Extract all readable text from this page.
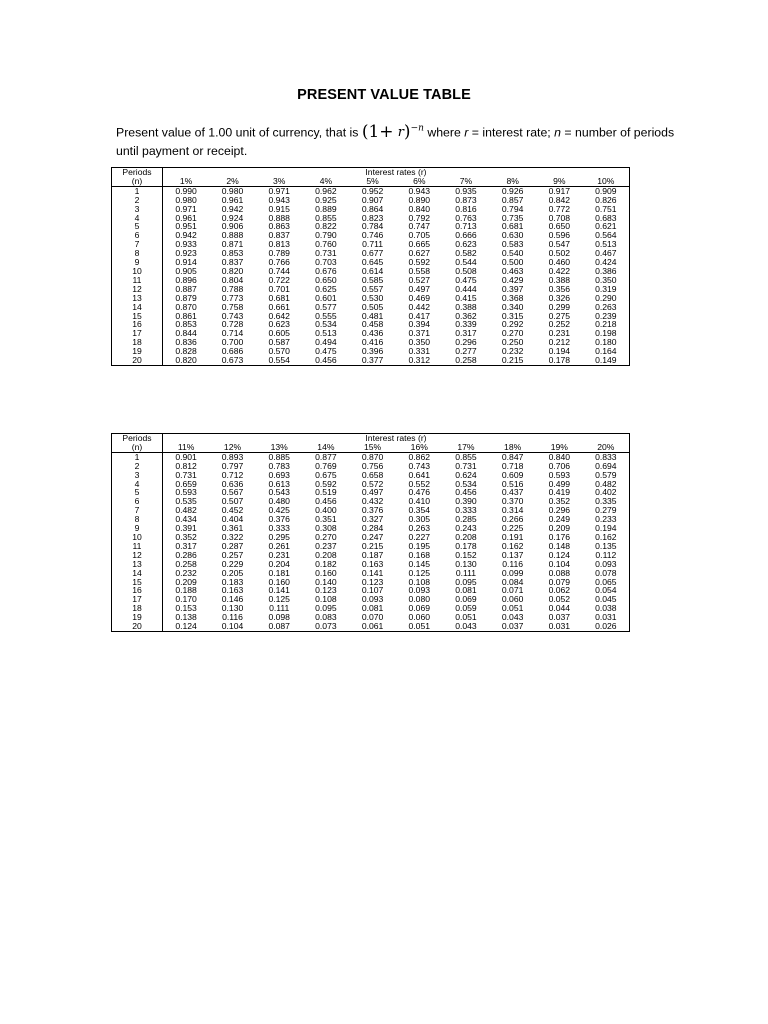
PRESENT VALUE TABLE
Present value of 1.00 unit of currency, that is $(1+ r)^{-n}$ where r = interest rate; n = number of periods until payment or receipt.
Periods	Interest rates (r)									
(n)	1%	2%	3%	4%	5%	6%	7%	8%	9%	10%
1	0.990	0.980	0.971	0.962	0.952	0.943	0.935	0.926	0.917	0.909
2	0.980	0.961	0.943	0.925	0.907	0.890	0.873	0.857	0.842	0.826
3	0.971	0.942	0.915	0.889	0.864	0.840	0.816	0.794	0.772	0.751
4	0.961	0.924	0.888	0.855	0.823	0.792	0.763	0.735	0.708	0.683
5	0.951	0.906	0.863	0.822	0.784	0.747	0.713	0.681	0.650	0.621
6	0.942	0.888	0.837	0.790	0.746	0.705	0.666	0.630	0.596	0.564
7	0.933	0.871	0.813	0.760	0.711	0.665	0.623	0.583	0.547	0.513
8	0.923	0.853	0.789	0.731	0.677	0.627	0.582	0.540	0.502	0.467
9	0.914	0.837	0.766	0.703	0.645	0.592	0.544	0.500	0.460	0.424
10	0.905	0.820	0.744	0.676	0.614	0.558	0.508	0.463	0.422	0.386
11	0.896	0.804	0.722	0.650	0.585	0.527	0.475	0.429	0.388	0.350
12	0.887	0.788	0.701	0.625	0.557	0.497	0.444	0.397	0.356	0.319
13	0.879	0.773	0.681	0.601	0.530	0.469	0.415	0.368	0.326	0.290
14	0.870	0.758	0.661	0.577	0.505	0.442	0.388	0.340	0.299	0.263
15	0.861	0.743	0.642	0.555	0.481	0.417	0.362	0.315	0.275	0.239
16	0.853	0.728	0.623	0.534	0.458	0.394	0.339	0.292	0.252	0.218
17	0.844	0.714	0.605	0.513	0.436	0.371	0.317	0.270	0.231	0.198
18	0.836	0.700	0.587	0.494	0.416	0.350	0.296	0.250	0.212	0.180
19	0.828	0.686	0.570	0.475	0.396	0.331	0.277	0.232	0.194	0.164
20	0.820	0.673	0.554	0.456	0.377	0.312	0.258	0.215	0.178	0.149
Periods	Interest rates (r)									
(n)	11%	12%	13%	14%	15%	16%	17%	18%	19%	20%
1	0.901	0.893	0.885	0.877	0.870	0.862	0.855	0.847	0.840	0.833
2	0.812	0.797	0.783	0.769	0.756	0.743	0.731	0.718	0.706	0.694
3	0.731	0.712	0.693	0.675	0.658	0.641	0.624	0.609	0.593	0.579
4	0.659	0.636	0.613	0.592	0.572	0.552	0.534	0.516	0.499	0.482
5	0.593	0.567	0.543	0.519	0.497	0.476	0.456	0.437	0.419	0.402
6	0.535	0.507	0.480	0.456	0.432	0.410	0.390	0.370	0.352	0.335
7	0.482	0.452	0.425	0.400	0.376	0.354	0.333	0.314	0.296	0.279
8	0.434	0.404	0.376	0.351	0.327	0.305	0.285	0.266	0.249	0.233
9	0.391	0.361	0.333	0.308	0.284	0.263	0.243	0.225	0.209	0.194
10	0.352	0.322	0.295	0.270	0.247	0.227	0.208	0.191	0.176	0.162
11	0.317	0.287	0.261	0.237	0.215	0.195	0.178	0.162	0.148	0.135
12	0.286	0.257	0.231	0.208	0.187	0.168	0.152	0.137	0.124	0.112
13	0.258	0.229	0.204	0.182	0.163	0.145	0.130	0.116	0.104	0.093
14	0.232	0.205	0.181	0.160	0.141	0.125	0.111	0.099	0.088	0.078
15	0.209	0.183	0.160	0.140	0.123	0.108	0.095	0.084	0.079	0.065
16	0.188	0.163	0.141	0.123	0.107	0.093	0.081	0.071	0.062	0.054
17	0.170	0.146	0.125	0.108	0.093	0.080	0.069	0.060	0.052	0.045
18	0.153	0.130	0.111	0.095	0.081	0.069	0.059	0.051	0.044	0.038
19	0.138	0.116	0.098	0.083	0.070	0.060	0.051	0.043	0.037	0.031
20	0.124	0.104	0.087	0.073	0.061	0.051	0.043	0.037	0.031	0.026
